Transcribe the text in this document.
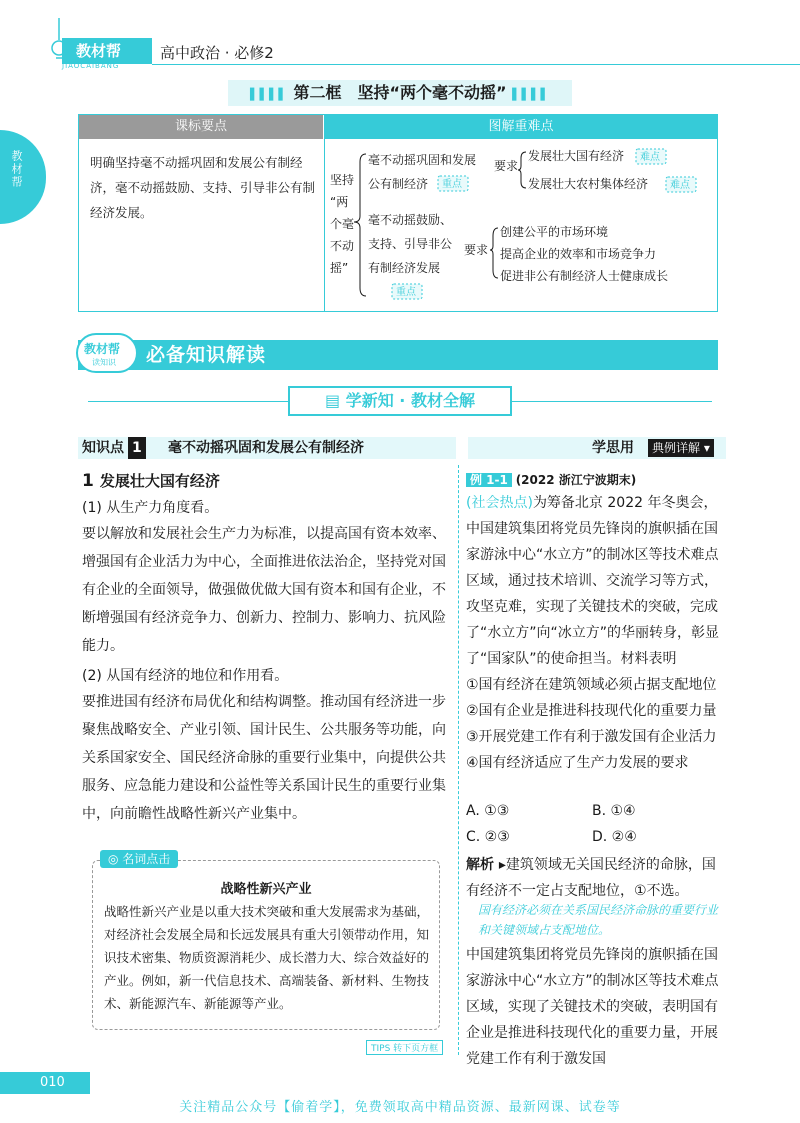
教材帮
JIAOCAIBANG
高中政治 · 必修2
▌▌▌▌ 第二框　坚持“两个毫不动摇” ▌▌▌▌
教材帮
课标要点	图解重难点
明确坚持毫不动摇巩固和发展公有制经济，毫不动摇鼓励、支持、引导非公有制经济发展。
坚持
“两
个毫
不动
摇”
毫不动摇巩固和发展
公有制经济
毫不动摇鼓励、
支持、引导非公
有制经济发展
要求
要求
重点
重点
发展壮大国有经济
发展壮大农村集体经济
难点
难点
创建公平的市场环境
提高企业的效率和市场竞争力
促进非公有制经济人士健康成长
教材帮
读知识 必备知识解读
▤ 学新知 · 教材全解
知识点 1	毫不动摇巩固和发展公有制经济	学思用	典例详解 ▾
1 发展壮大国有经济
(1) 从生产力角度看。
要以解放和发展社会生产力为标准，以提高国有资本效率、增强国有企业活力为中心，全面推进依法治企，坚持党对国有企业的全面领导，做强做优做大国有资本和国有企业，不断增强国有经济竞争力、创新力、控制力、影响力、抗风险能力。
(2) 从国有经济的地位和作用看。
要推进国有经济布局优化和结构调整。推动国有经济进一步聚焦战略安全、产业引领、国计民生、公共服务等功能，向关系国家安全、国民经济命脉的重要行业集中，向提供公共服务、应急能力建设和公益性等关系国计民生的重要行业集中，向前瞻性战略性新兴产业集中。
◎ 名词点击
战略性新兴产业
战略性新兴产业是以重大技术突破和重大发展需求为基础，对经济社会发展全局和长远发展具有重大引领带动作用，知识技术密集、物质资源消耗少、成长潜力大、综合效益好的产业。例如，新一代信息技术、高端装备、新材料、生物技术、新能源汽车、新能源等产业。
TIPS 转下页方框
例 1-1 (2022 浙江宁波期末)
(社会热点)为筹备北京 2022 年冬奥会，中国建筑集团将党员先锋岗的旗帜插在国家游泳中心“水立方”的制冰区等技术难点区域，通过技术培训、交流学习等方式，攻坚克难，实现了关键技术的突破，完成了“水立方”向“冰立方”的华丽转身，彰显了“国家队”的使命担当。材料表明
①国有经济在建筑领域必须占据支配地位　②国有企业是推进科技现代化的重要力量　③开展党建工作有利于激发国有企业活力　④国有经济适应了生产力发展的要求
A. ①③	B. ①④
C. ②③	D. ②④
解析 ▸建筑领域无关国民经济的命脉，国有经济不一定占支配地位，①不选。
国有经济必须在关系国民经济命脉的重要行业和关键领域占支配地位。
中国建筑集团将党员先锋岗的旗帜插在国家游泳中心“水立方”的制冰区等技术难点区域，实现了关键技术的突破，表明国有企业是推进科技现代化的重要力量，开展党建工作有利于激发国
010
关注精品公众号【偷着学】，免费领取高中精品资源、最新网课、试卷等
